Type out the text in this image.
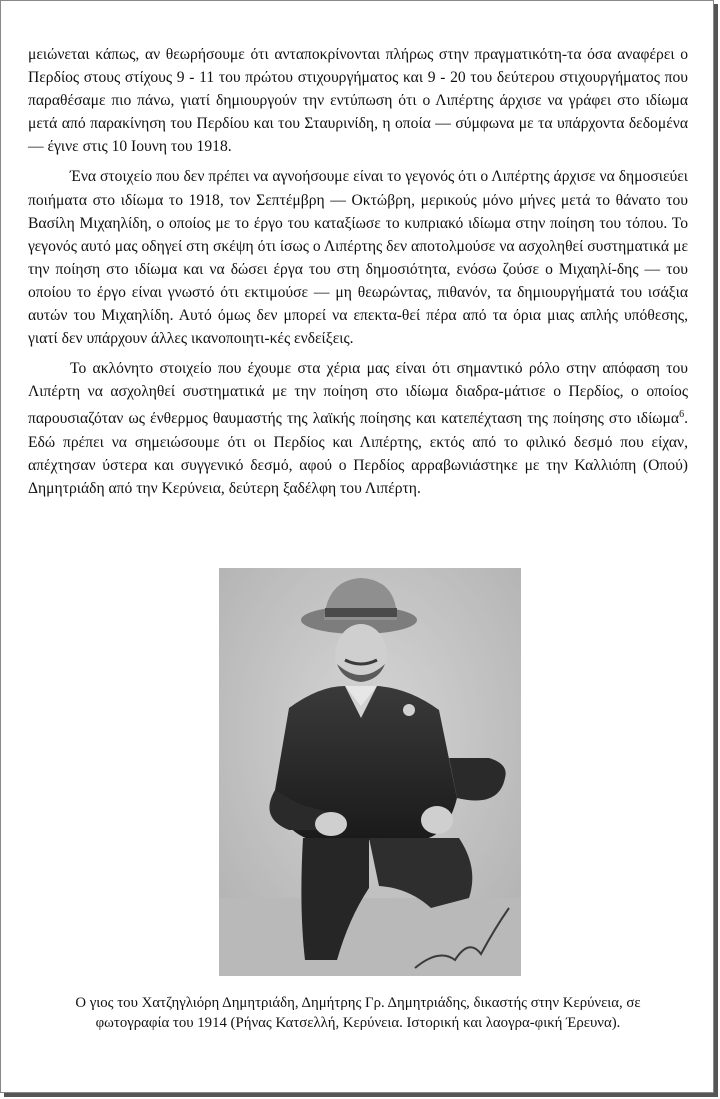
μειώνεται κάπως, αν θεωρήσουμε ότι ανταποκρίνονται πλήρως στην πραγματικότη-τα όσα αναφέρει ο Περδίος στους στίχους 9 - 11 του πρώτου στιχουργήματος και 9 - 20 του δεύτερου στιχουργήματος που παραθέσαμε πιο πάνω, γιατί δημιουργούν την εντύπωση ότι ο Λιπέρτης άρχισε να γράφει στο ιδίωμα μετά από παρακίνηση του Περδίου και του Σταυρινίδη, η οποία — σύμφωνα με τα υπάρχοντα δεδομένα — έγινε στις 10 Ιουνη του 1918.

Ένα στοιχείο που δεν πρέπει να αγνοήσουμε είναι το γεγονός ότι ο Λιπέρτης άρχισε να δημοσιεύει ποιήματα στο ιδίωμα το 1918, τον Σεπτέμβρη — Οκτώβρη, μερικούς μόνο μήνες μετά το θάνατο του Βασίλη Μιχαηλίδη, ο οποίος με το έργο του καταξίωσε το κυπριακό ιδίωμα στην ποίηση του τόπου. Το γεγονός αυτό μας οδηγεί στη σκέψη ότι ίσως ο Λιπέρτης δεν αποτολμούσε να ασχοληθεί συστηματικά με την ποίηση στο ιδίωμα και να δώσει έργα του στη δημοσιότητα, ενόσω ζούσε ο Μιχαηλί-δης — του οποίου το έργο είναι γνωστό ότι εκτιμούσε — μη θεωρώντας, πιθανόν, τα δημιουργήματά του ισάξια αυτών του Μιχαηλίδη. Αυτό όμως δεν μπορεί να επεκτα-θεί πέρα από τα όρια μιας απλής υπόθεσης, γιατί δεν υπάρχουν άλλες ικανοποιητι-κές ενδείξεις.

Το ακλόνητο στοιχείο που έχουμε στα χέρια μας είναι ότι σημαντικό ρόλο στην απόφαση του Λιπέρτη να ασχοληθεί συστηματικά με την ποίηση στο ιδίωμα διαδρα-μάτισε ο Περδίος, ο οποίος παρουσιαζόταν ως ένθερμος θαυμαστής της λαϊκής ποίησης και κατεπέχταση της ποίησης στο ιδίωμα$^6$. Εδώ πρέπει να σημειώσουμε ότι οι Περδίος και Λιπέρτης, εκτός από το φιλικό δεσμό που είχαν, απέχτησαν ύστερα και συγγενικό δεσμό, αφού ο Περδίος αρραβωνιάστηκε με την Καλλιόπη (Οπού) Δημητριάδη από την Κερύνεια, δεύτερη ξαδέλφη του Λιπέρτη.

Ο γιος του Χατζηγλιόρη Δημητριάδη, Δημήτρης Γρ. Δημητριάδης, δικαστής στην Κερύνεια, σε φωτογραφία του 1914 (Ρήνας Κατσελλή, Κερύνεια. Ιστορική και λαογρα-φική Έρευνα).
